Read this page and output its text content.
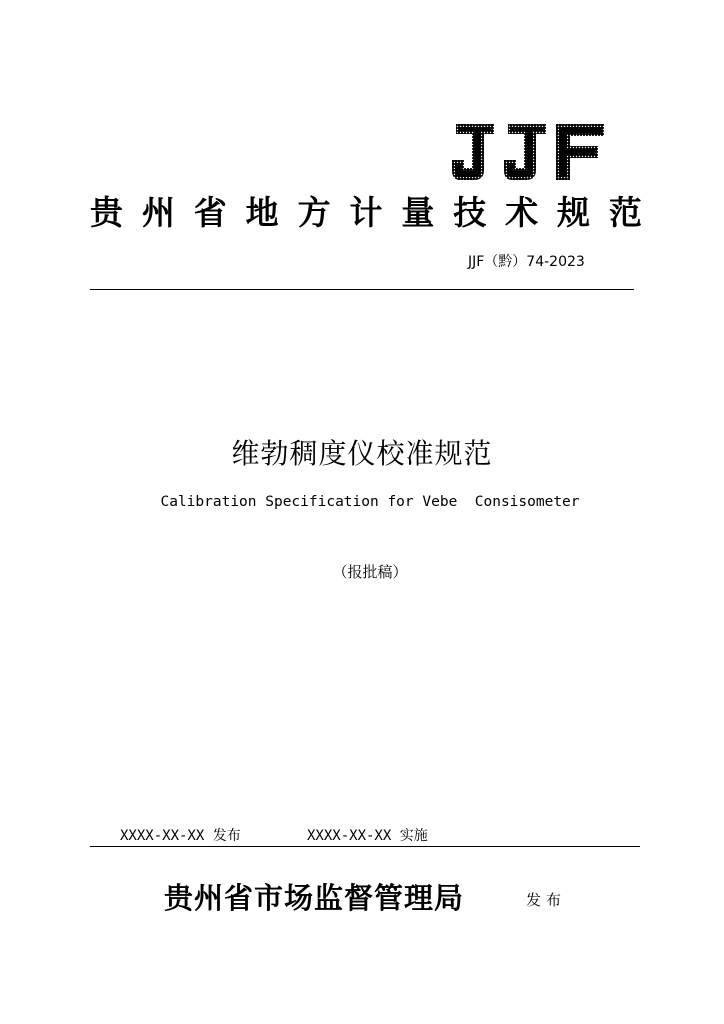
贵 州 省 地 方 计 量 技 术 规 范
JJF（黔）74-2023
维勃稠度仪校准规范
Calibration Specification for Vebe  Consisometer
（报批稿）
XXXX-XX-XX 发布	XXXX-XX-XX 实施
贵州省市场监督管理局	发布
